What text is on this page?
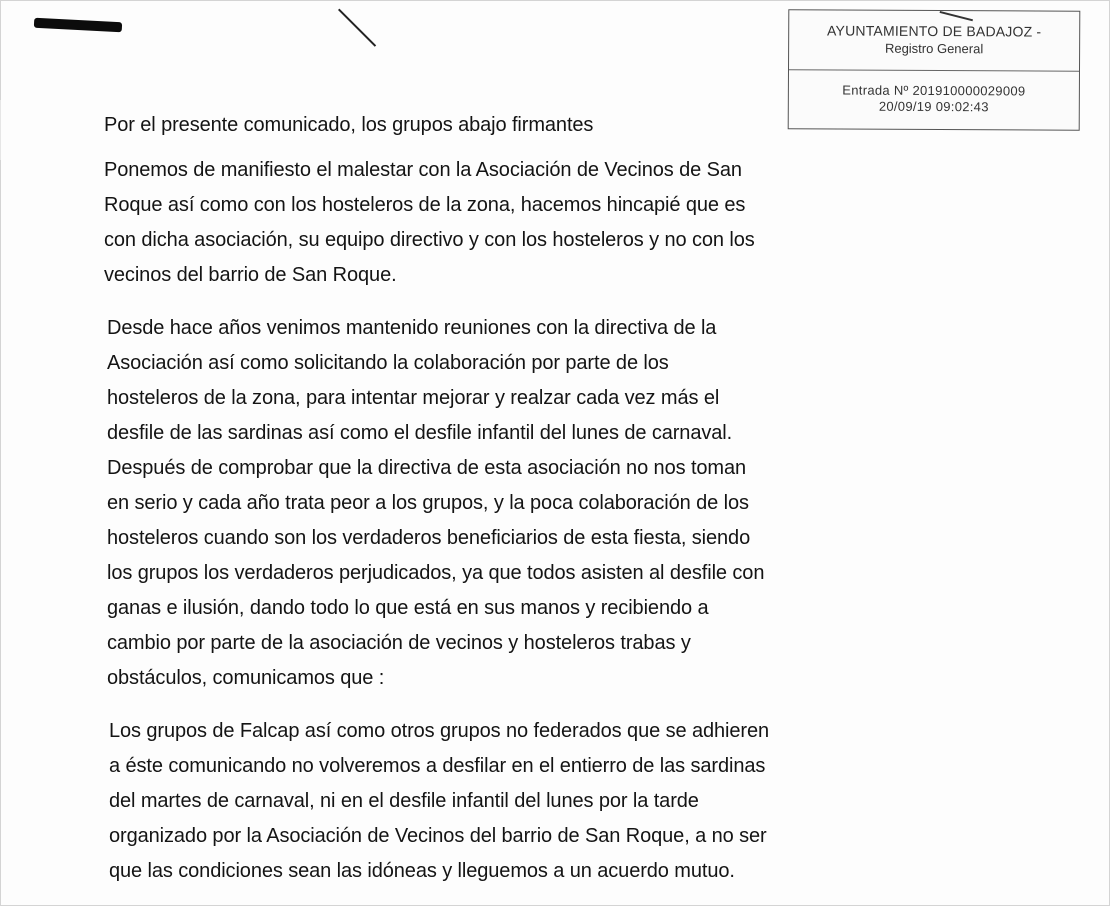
AYUNTAMIENTO DE BADAJOZ -
Registro General
Entrada Nº 201910000029009
20/09/19 09:02:43

Por el presente comunicado, los grupos abajo firmantes

Ponemos de manifiesto el malestar con la Asociación de Vecinos de San
Roque así como con los hosteleros de la zona, hacemos hincapié que es
con dicha asociación, su equipo directivo y con los hosteleros y no con los
vecinos del barrio de San Roque.

Desde hace años venimos mantenido reuniones con la directiva de la
Asociación así como solicitando la colaboración por parte de los
hosteleros de la zona, para intentar mejorar y realzar cada vez más el
desfile de las sardinas así como el desfile infantil del lunes de carnaval.
Después de comprobar que la directiva de esta asociación no nos toman
en serio y cada año trata peor a los grupos, y la poca colaboración de los
hosteleros cuando son los verdaderos beneficiarios de esta fiesta, siendo
los grupos los verdaderos perjudicados, ya que todos asisten al desfile con
ganas e ilusión, dando todo lo que está en sus manos y recibiendo a
cambio por parte de la asociación de vecinos y hosteleros trabas y
obstáculos, comunicamos que :

Los grupos de Falcap así como otros grupos no federados que se adhieren
a éste comunicando no volveremos a desfilar en el entierro de las sardinas
del martes de carnaval, ni en el desfile infantil del lunes por la tarde
organizado por la Asociación de Vecinos del barrio de San Roque, a no ser
que las condiciones sean las idóneas y lleguemos a un acuerdo mutuo.
